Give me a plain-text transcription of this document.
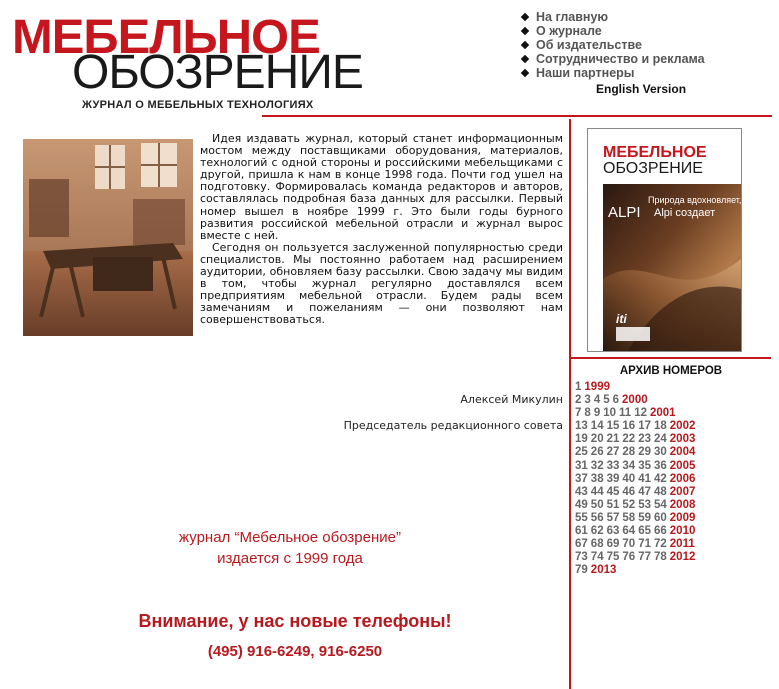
МЕБЕЛЬНОЕ
ОБОЗРЕНИЕ
ЖУРНАЛ О МЕБЕЛЬНЫХ ТЕХНОЛОГИЯХ
На главную
О журнале
Об издательстве
Сотрудничество и реклама
Наши партнеры
English Version

Идея издавать журнал, который станет информационным мостом между поставщиками оборудования, материалов, технологий с одной стороны и российскими мебельщиками с другой, пришла к нам в конце 1998 года. Почти год ушел на подготовку. Формировалась команда редакторов и авторов, составлялась подробная база данных для рассылки. Первый номер вышел в ноябре 1999 г. Это были годы бурного развития российской мебельной отрасли и журнал вырос вместе с ней.

Сегодня он пользуется заслуженной популярностью среди специалистов. Мы постоянно работаем над расширением аудитории, обновляем базу рассылки. Свою задачу мы видим в том, чтобы журнал регулярно доставлялся всем предприятиям мебельной отрасли. Будем рады всем замечаниям и пожеланиям — они позволяют нам совершенствоваться.

Алексей Микулин
Председатель редакционного совета
журнал “Мебельное обозрение”
издается с 1999 года
Внимание, у нас новые телефоны!
(495) 916-6249, 916-6250
МЕБЕЛЬНОЕ
ОБОЗРЕНИЕ
ALPI
Природа вдохновляет,
Alpi создает
iti
АРХИВ НОМЕРОВ
1 1999
2 3 4 5 6 2000
7 8 9 10 11 12 2001
13 14 15 16 17 18 2002
19 20 21 22 23 24 2003
25 26 27 28 29 30 2004
31 32 33 34 35 36 2005
37 38 39 40 41 42 2006
43 44 45 46 47 48 2007
49 50 51 52 53 54 2008
55 56 57 58 59 60 2009
61 62 63 64 65 66 2010
67 68 69 70 71 72 2011
73 74 75 76 77 78 2012
79 2013
